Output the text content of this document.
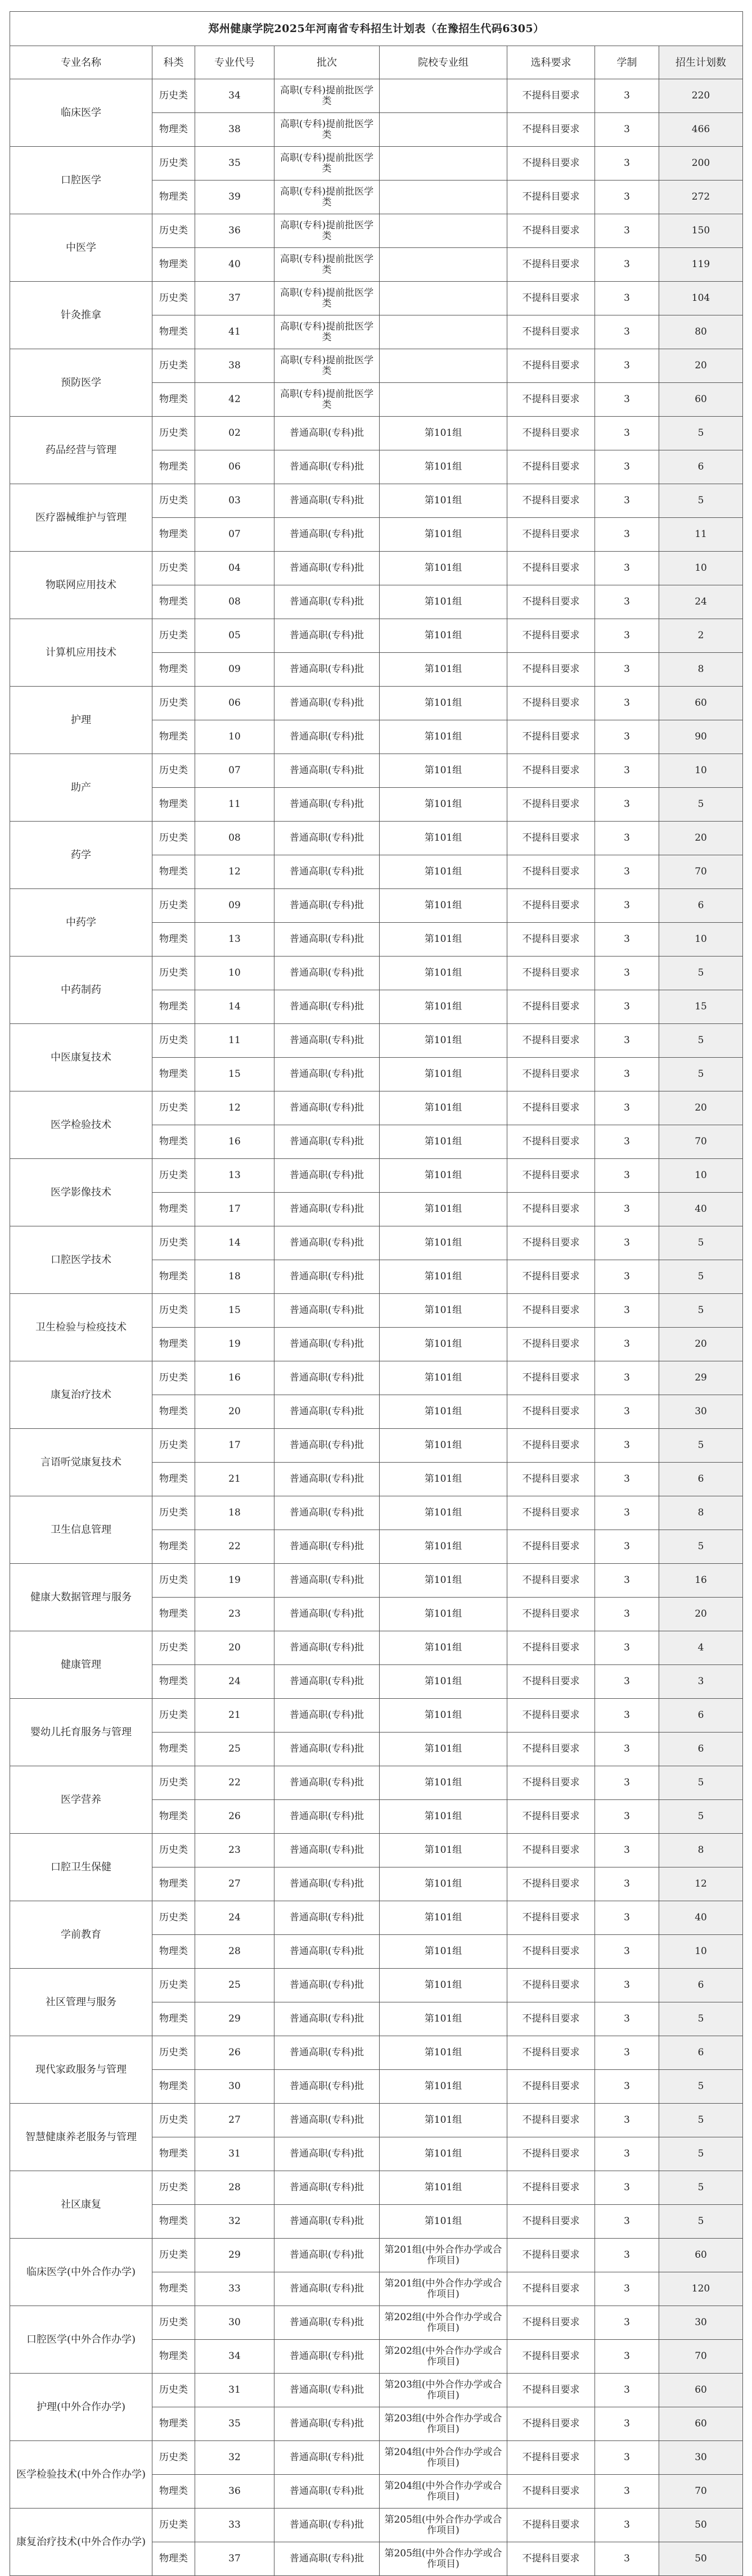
郑州健康学院2025年河南省专科招生计划表（在豫招生代码6305）							
专业名称	科类	专业代号	批次	院校专业组	选科要求	学制	招生计划数
临床医学	历史类	34	高职(专科)提前批医学类		不提科目要求	3	220
	物理类	38	高职(专科)提前批医学类		不提科目要求	3	466
口腔医学	历史类	35	高职(专科)提前批医学类		不提科目要求	3	200
	物理类	39	高职(专科)提前批医学类		不提科目要求	3	272
中医学	历史类	36	高职(专科)提前批医学类		不提科目要求	3	150
	物理类	40	高职(专科)提前批医学类		不提科目要求	3	119
针灸推拿	历史类	37	高职(专科)提前批医学类		不提科目要求	3	104
	物理类	41	高职(专科)提前批医学类		不提科目要求	3	80
预防医学	历史类	38	高职(专科)提前批医学类		不提科目要求	3	20
	物理类	42	高职(专科)提前批医学类		不提科目要求	3	60
药品经营与管理	历史类	02	普通高职(专科)批	第101组	不提科目要求	3	5
	物理类	06	普通高职(专科)批	第101组	不提科目要求	3	6
医疗器械维护与管理	历史类	03	普通高职(专科)批	第101组	不提科目要求	3	5
	物理类	07	普通高职(专科)批	第101组	不提科目要求	3	11
物联网应用技术	历史类	04	普通高职(专科)批	第101组	不提科目要求	3	10
	物理类	08	普通高职(专科)批	第101组	不提科目要求	3	24
计算机应用技术	历史类	05	普通高职(专科)批	第101组	不提科目要求	3	2
	物理类	09	普通高职(专科)批	第101组	不提科目要求	3	8
护理	历史类	06	普通高职(专科)批	第101组	不提科目要求	3	60
	物理类	10	普通高职(专科)批	第101组	不提科目要求	3	90
助产	历史类	07	普通高职(专科)批	第101组	不提科目要求	3	10
	物理类	11	普通高职(专科)批	第101组	不提科目要求	3	5
药学	历史类	08	普通高职(专科)批	第101组	不提科目要求	3	20
	物理类	12	普通高职(专科)批	第101组	不提科目要求	3	70
中药学	历史类	09	普通高职(专科)批	第101组	不提科目要求	3	6
	物理类	13	普通高职(专科)批	第101组	不提科目要求	3	10
中药制药	历史类	10	普通高职(专科)批	第101组	不提科目要求	3	5
	物理类	14	普通高职(专科)批	第101组	不提科目要求	3	15
中医康复技术	历史类	11	普通高职(专科)批	第101组	不提科目要求	3	5
	物理类	15	普通高职(专科)批	第101组	不提科目要求	3	5
医学检验技术	历史类	12	普通高职(专科)批	第101组	不提科目要求	3	20
	物理类	16	普通高职(专科)批	第101组	不提科目要求	3	70
医学影像技术	历史类	13	普通高职(专科)批	第101组	不提科目要求	3	10
	物理类	17	普通高职(专科)批	第101组	不提科目要求	3	40
口腔医学技术	历史类	14	普通高职(专科)批	第101组	不提科目要求	3	5
	物理类	18	普通高职(专科)批	第101组	不提科目要求	3	5
卫生检验与检疫技术	历史类	15	普通高职(专科)批	第101组	不提科目要求	3	5
	物理类	19	普通高职(专科)批	第101组	不提科目要求	3	20
康复治疗技术	历史类	16	普通高职(专科)批	第101组	不提科目要求	3	29
	物理类	20	普通高职(专科)批	第101组	不提科目要求	3	30
言语听觉康复技术	历史类	17	普通高职(专科)批	第101组	不提科目要求	3	5
	物理类	21	普通高职(专科)批	第101组	不提科目要求	3	6
卫生信息管理	历史类	18	普通高职(专科)批	第101组	不提科目要求	3	8
	物理类	22	普通高职(专科)批	第101组	不提科目要求	3	5
健康大数据管理与服务	历史类	19	普通高职(专科)批	第101组	不提科目要求	3	16
	物理类	23	普通高职(专科)批	第101组	不提科目要求	3	20
健康管理	历史类	20	普通高职(专科)批	第101组	不提科目要求	3	4
	物理类	24	普通高职(专科)批	第101组	不提科目要求	3	3
婴幼儿托育服务与管理	历史类	21	普通高职(专科)批	第101组	不提科目要求	3	6
	物理类	25	普通高职(专科)批	第101组	不提科目要求	3	6
医学营养	历史类	22	普通高职(专科)批	第101组	不提科目要求	3	5
	物理类	26	普通高职(专科)批	第101组	不提科目要求	3	5
口腔卫生保健	历史类	23	普通高职(专科)批	第101组	不提科目要求	3	8
	物理类	27	普通高职(专科)批	第101组	不提科目要求	3	12
学前教育	历史类	24	普通高职(专科)批	第101组	不提科目要求	3	40
	物理类	28	普通高职(专科)批	第101组	不提科目要求	3	10
社区管理与服务	历史类	25	普通高职(专科)批	第101组	不提科目要求	3	6
	物理类	29	普通高职(专科)批	第101组	不提科目要求	3	5
现代家政服务与管理	历史类	26	普通高职(专科)批	第101组	不提科目要求	3	6
	物理类	30	普通高职(专科)批	第101组	不提科目要求	3	5
智慧健康养老服务与管理	历史类	27	普通高职(专科)批	第101组	不提科目要求	3	5
	物理类	31	普通高职(专科)批	第101组	不提科目要求	3	5
社区康复	历史类	28	普通高职(专科)批	第101组	不提科目要求	3	5
	物理类	32	普通高职(专科)批	第101组	不提科目要求	3	5
临床医学(中外合作办学)	历史类	29	普通高职(专科)批	第201组(中外合作办学或合作项目)	不提科目要求	3	60
	物理类	33	普通高职(专科)批	第201组(中外合作办学或合作项目)	不提科目要求	3	120
口腔医学(中外合作办学)	历史类	30	普通高职(专科)批	第202组(中外合作办学或合作项目)	不提科目要求	3	30
	物理类	34	普通高职(专科)批	第202组(中外合作办学或合作项目)	不提科目要求	3	70
护理(中外合作办学)	历史类	31	普通高职(专科)批	第203组(中外合作办学或合作项目)	不提科目要求	3	60
	物理类	35	普通高职(专科)批	第203组(中外合作办学或合作项目)	不提科目要求	3	60
医学检验技术(中外合作办学)	历史类	32	普通高职(专科)批	第204组(中外合作办学或合作项目)	不提科目要求	3	30
	物理类	36	普通高职(专科)批	第204组(中外合作办学或合作项目)	不提科目要求	3	70
康复治疗技术(中外合作办学)	历史类	33	普通高职(专科)批	第205组(中外合作办学或合作项目)	不提科目要求	3	50
	物理类	37	普通高职(专科)批	第205组(中外合作办学或合作项目)	不提科目要求	3	50
